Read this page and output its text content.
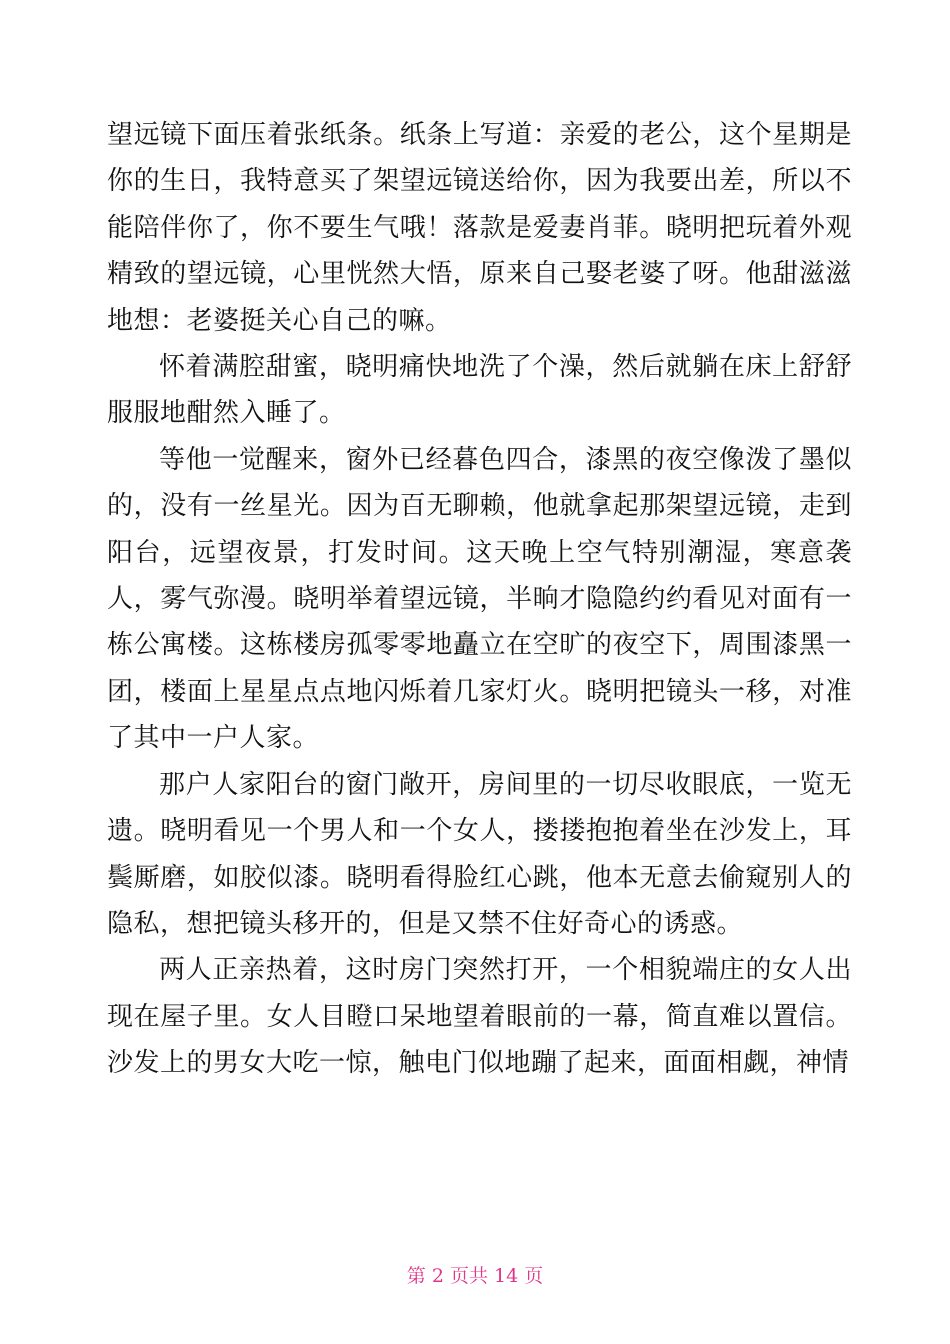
望远镜下面压着张纸条。纸条上写道：亲爱的老公，这个星期是你的生日，我特意买了架望远镜送给你，因为我要出差，所以不能陪伴你了，你不要生气哦！落款是爱妻肖菲。晓明把玩着外观精致的望远镜，心里恍然大悟，原来自己娶老婆了呀。他甜滋滋地想：老婆挺关心自己的嘛。

怀着满腔甜蜜，晓明痛快地洗了个澡，然后就躺在床上舒舒服服地酣然入睡了。

等他一觉醒来，窗外已经暮色四合，漆黑的夜空像泼了墨似的，没有一丝星光。因为百无聊赖，他就拿起那架望远镜，走到阳台，远望夜景，打发时间。这天晚上空气特别潮湿，寒意袭人，雾气弥漫。晓明举着望远镜，半晌才隐隐约约看见对面有一栋公寓楼。这栋楼房孤零零地矗立在空旷的夜空下，周围漆黑一团，楼面上星星点点地闪烁着几家灯火。晓明把镜头一移，对准了其中一户人家。

那户人家阳台的窗门敞开，房间里的一切尽收眼底，一览无遗。晓明看见一个男人和一个女人，搂搂抱抱着坐在沙发上，耳鬓厮磨，如胶似漆。晓明看得脸红心跳，他本无意去偷窥别人的隐私，想把镜头移开的，但是又禁不住好奇心的诱惑。

两人正亲热着，这时房门突然打开，一个相貌端庄的女人出现在屋子里。女人目瞪口呆地望着眼前的一幕，简直难以置信。沙发上的男女大吃一惊，触电门似地蹦了起来，面面相觑，神情

第 2 页共 14 页
